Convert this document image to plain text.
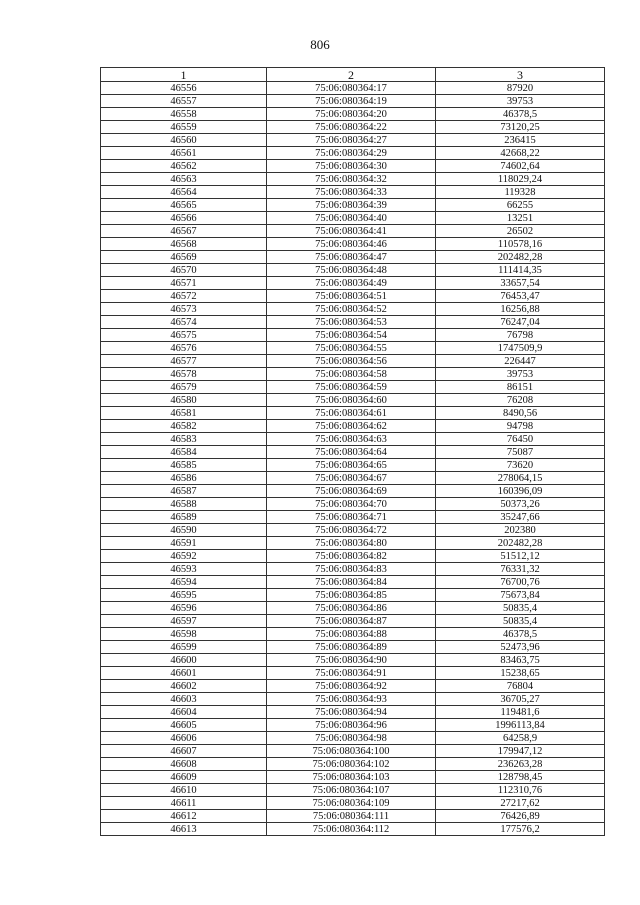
806
1	2	3
46556	75:06:080364:17	87920
46557	75:06:080364:19	39753
46558	75:06:080364:20	46378,5
46559	75:06:080364:22	73120,25
46560	75:06:080364:27	236415
46561	75:06:080364:29	42668,22
46562	75:06:080364:30	74602,64
46563	75:06:080364:32	118029,24
46564	75:06:080364:33	119328
46565	75:06:080364:39	66255
46566	75:06:080364:40	13251
46567	75:06:080364:41	26502
46568	75:06:080364:46	110578,16
46569	75:06:080364:47	202482,28
46570	75:06:080364:48	111414,35
46571	75:06:080364:49	33657,54
46572	75:06:080364:51	76453,47
46573	75:06:080364:52	16256,88
46574	75:06:080364:53	76247,04
46575	75:06:080364:54	76798
46576	75:06:080364:55	1747509,9
46577	75:06:080364:56	226447
46578	75:06:080364:58	39753
46579	75:06:080364:59	86151
46580	75:06:080364:60	76208
46581	75:06:080364:61	8490,56
46582	75:06:080364:62	94798
46583	75:06:080364:63	76450
46584	75:06:080364:64	75087
46585	75:06:080364:65	73620
46586	75:06:080364:67	278064,15
46587	75:06:080364:69	160396,09
46588	75:06:080364:70	50373,26
46589	75:06:080364:71	35247,66
46590	75:06:080364:72	202380
46591	75:06:080364:80	202482,28
46592	75:06:080364:82	51512,12
46593	75:06:080364:83	76331,32
46594	75:06:080364:84	76700,76
46595	75:06:080364:85	75673,84
46596	75:06:080364:86	50835,4
46597	75:06:080364:87	50835,4
46598	75:06:080364:88	46378,5
46599	75:06:080364:89	52473,96
46600	75:06:080364:90	83463,75
46601	75:06:080364:91	15238,65
46602	75:06:080364:92	76804
46603	75:06:080364:93	36705,27
46604	75:06:080364:94	119481,6
46605	75:06:080364:96	1996113,84
46606	75:06:080364:98	64258,9
46607	75:06:080364:100	179947,12
46608	75:06:080364:102	236263,28
46609	75:06:080364:103	128798,45
46610	75:06:080364:107	112310,76
46611	75:06:080364:109	27217,62
46612	75:06:080364:111	76426,89
46613	75:06:080364:112	177576,2
